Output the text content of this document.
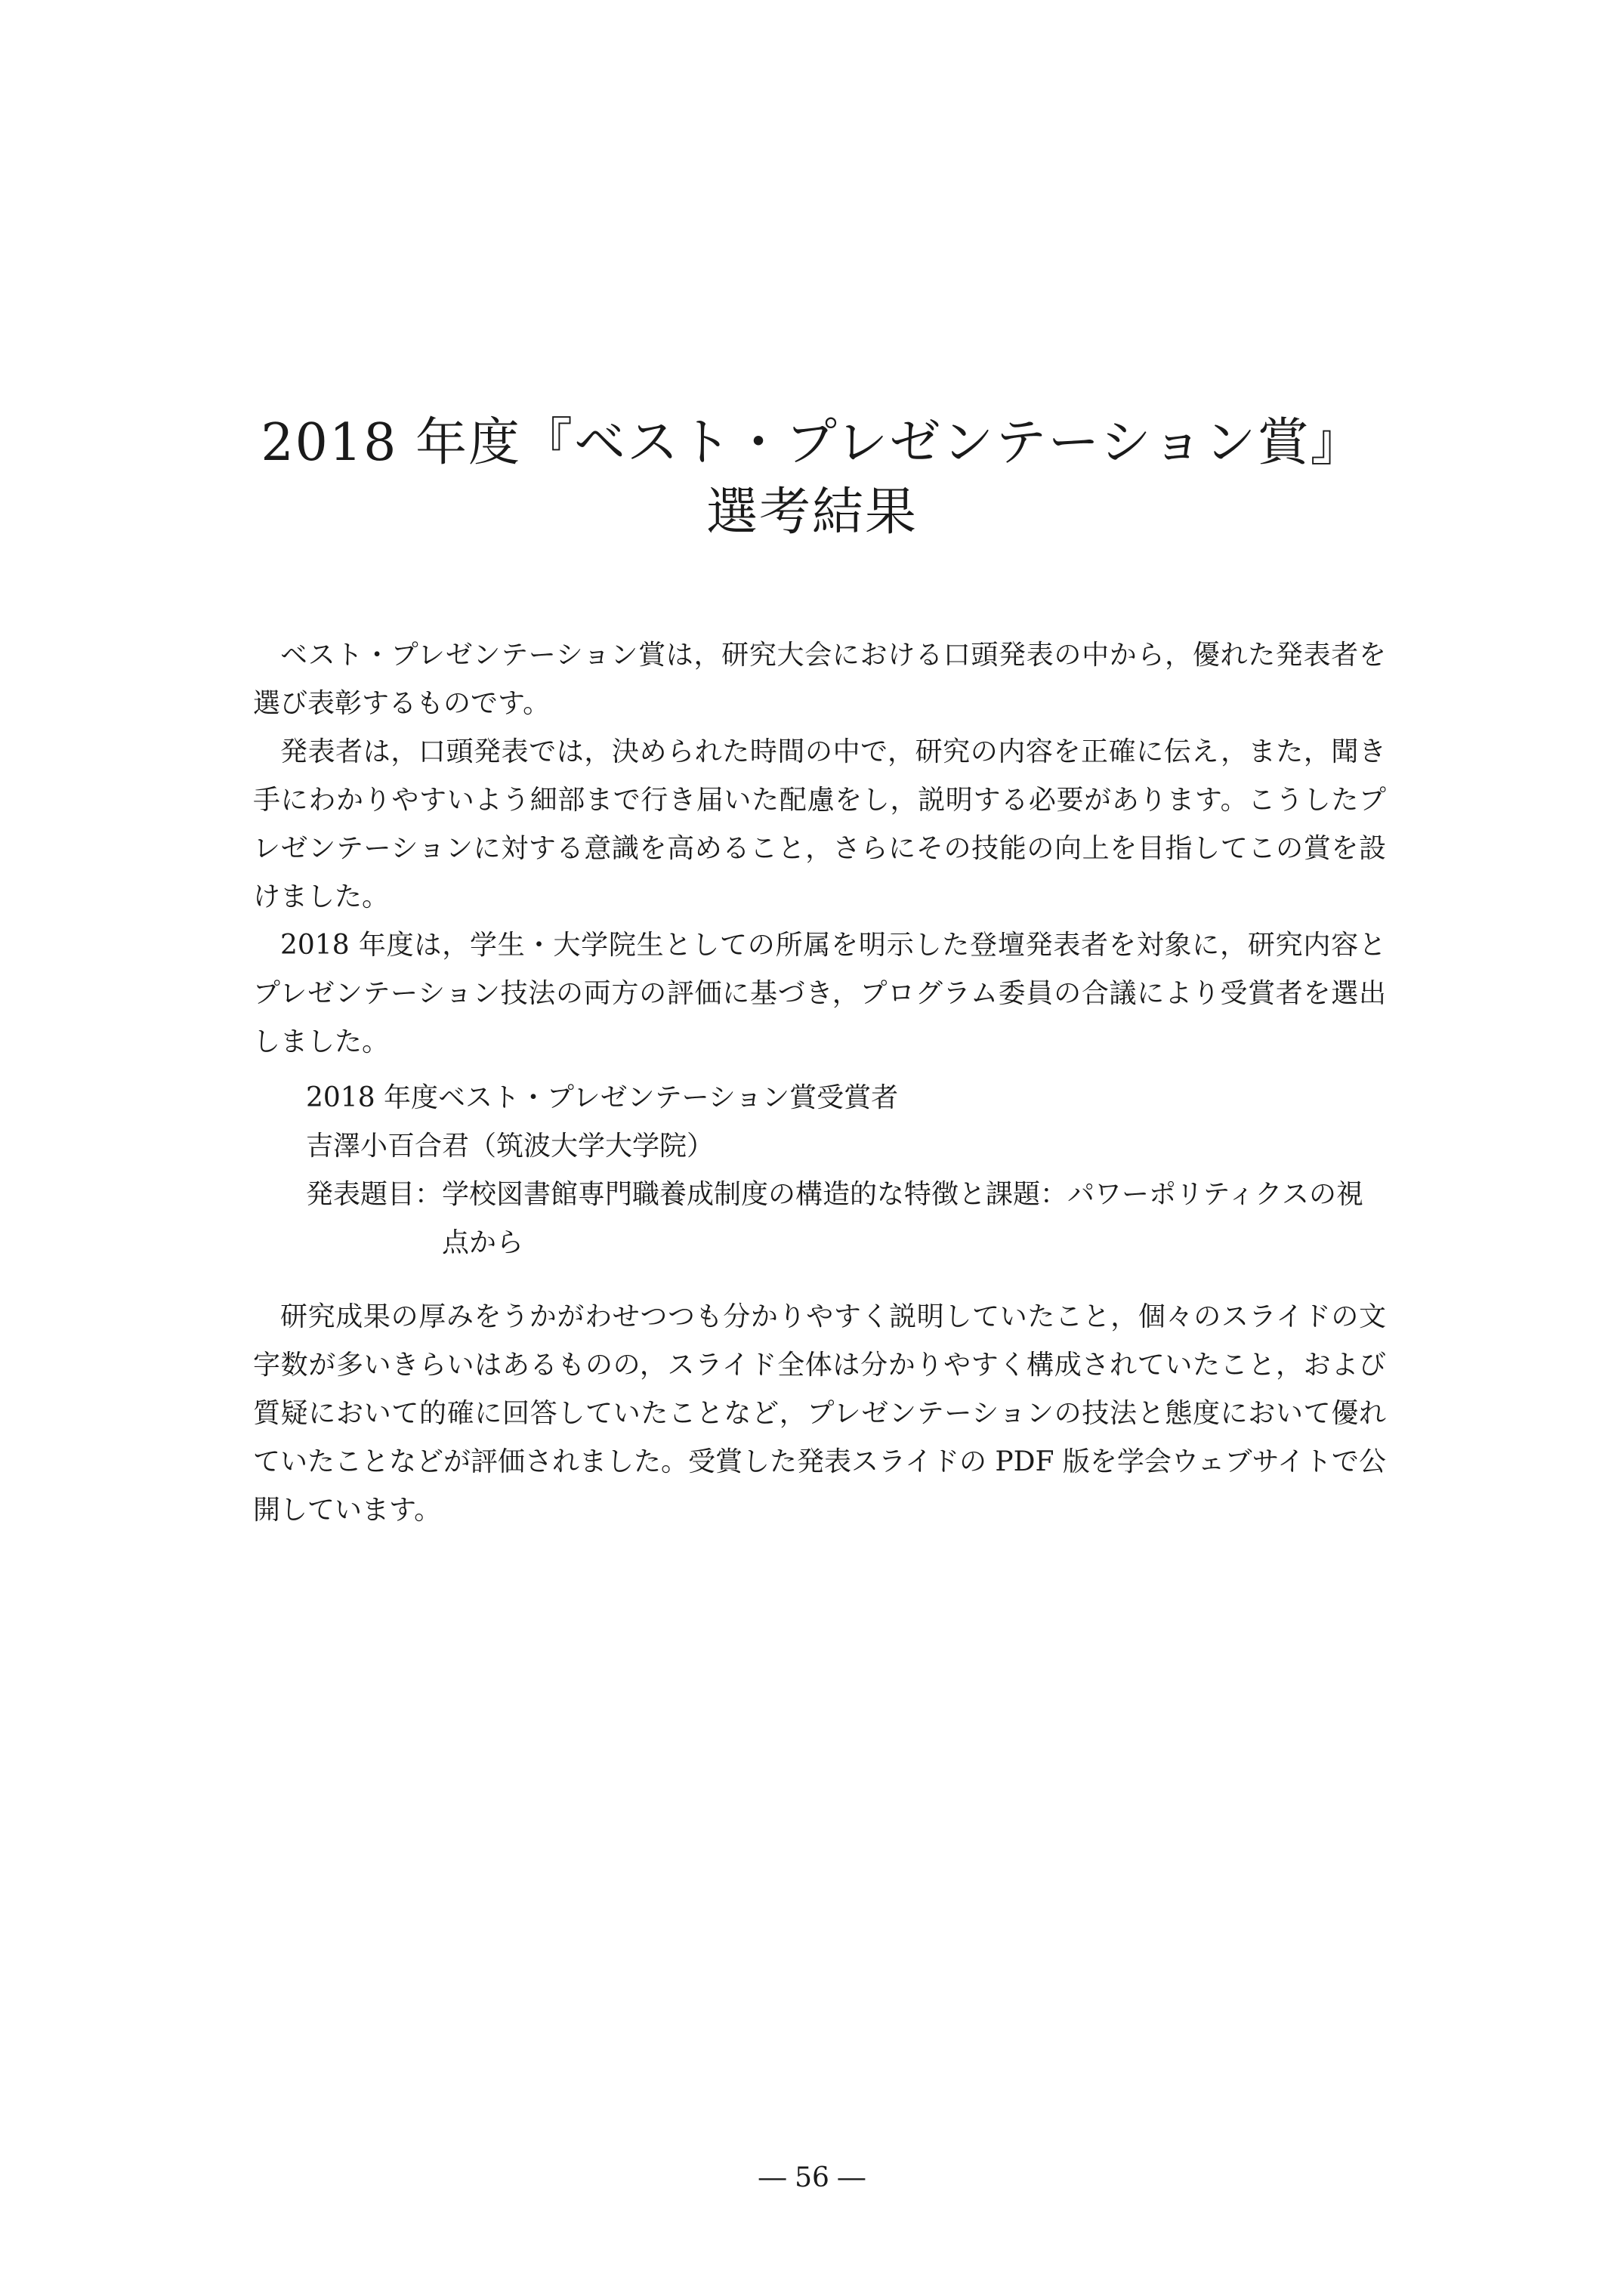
2018 年度『ベスト・プレゼンテーション賞』
選考結果

ベスト・プレゼンテーション賞は，研究大会における口頭発表の中から，優れた発表者を選び表彰するものです。

発表者は，口頭発表では，決められた時間の中で，研究の内容を正確に伝え，また，聞き手にわかりやすいよう細部まで行き届いた配慮をし，説明する必要があります。こうしたプレゼンテーションに対する意識を高めること，さらにその技能の向上を目指してこの賞を設けました。

2018 年度は，学生・大学院生としての所属を明示した登壇発表者を対象に，研究内容とプレゼンテーション技法の両方の評価に基づき，プログラム委員の合議により受賞者を選出しました。

2018 年度ベスト・プレゼンテーション賞受賞者

吉澤小百合君（筑波大学大学院）

発表題目： 学校図書館専門職養成制度の構造的な特徴と課題：パワーポリティクスの視点から

研究成果の厚みをうかがわせつつも分かりやすく説明していたこと，個々のスライドの文字数が多いきらいはあるものの，スライド全体は分かりやすく構成されていたこと，および質疑において的確に回答していたことなど，プレゼンテーションの技法と態度において優れていたことなどが評価されました。受賞した発表スライドの PDF 版を学会ウェブサイトで公開しています。

― 56 ―
